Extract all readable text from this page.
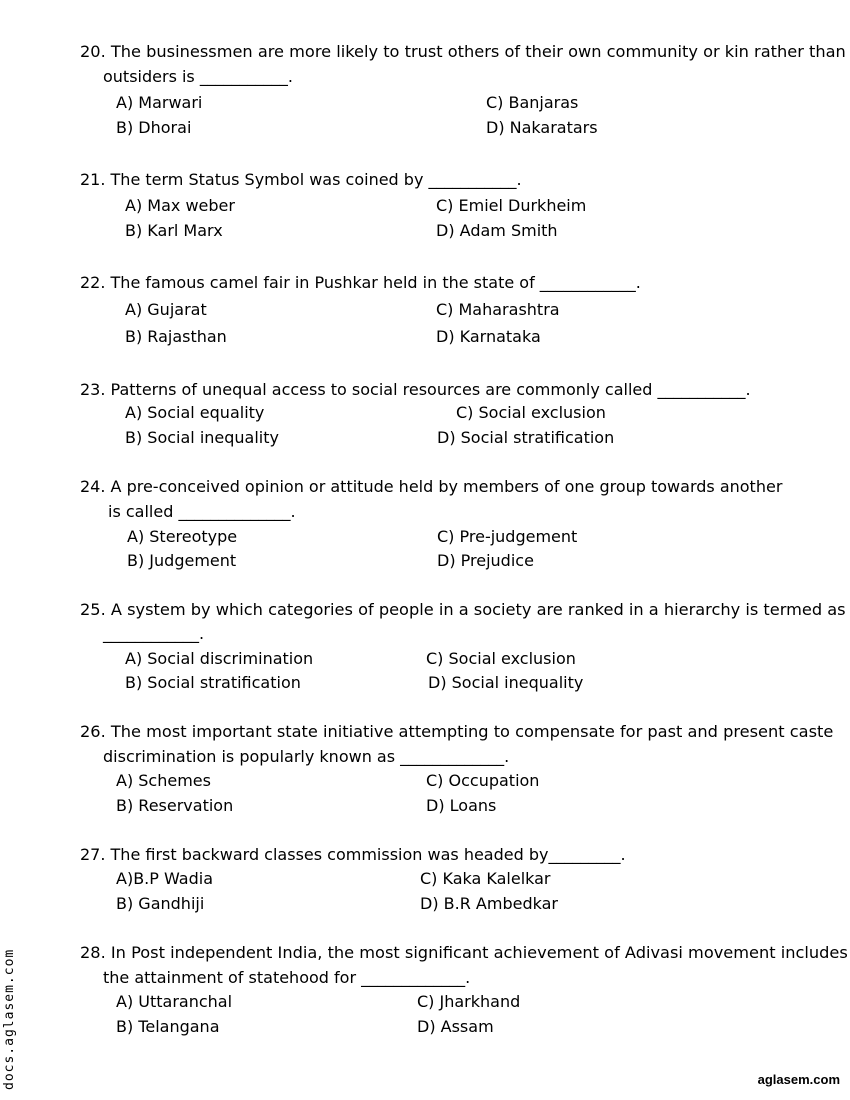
20. The businessmen are more likely to trust others of their own community or kin rather than
outsiders is ___________.
A) Marwari	C) Banjaras
B) Dhorai	D) Nakaratars
21. The term Status Symbol was coined by ___________.
A) Max weber	C) Emiel Durkheim
B) Karl Marx	D) Adam Smith
22. The famous camel fair in Pushkar held in the state of ____________.
A) Gujarat	C) Maharashtra
B) Rajasthan	D) Karnataka
23. Patterns of unequal access to social resources are commonly called ___________.
A) Social equality	C) Social exclusion
B) Social inequality	D) Social stratification
24. A pre-conceived opinion or attitude held by members of one group towards another
is called ______________.
A) Stereotype	C) Pre-judgement
B) Judgement	D) Prejudice
25. A system by which categories of people in a society are ranked in a hierarchy is termed as
____________.
A) Social discrimination	C) Social exclusion
B) Social stratification	D) Social inequality
26. The most important state initiative attempting to compensate for past and present caste
discrimination is popularly known as _____________.
A) Schemes	C) Occupation
B) Reservation	D) Loans
27. The first backward classes commission was headed by_________.
A)B.P Wadia	C) Kaka Kalelkar
B) Gandhiji	D) B.R Ambedkar
28. In Post independent India, the most significant achievement of Adivasi movement includes
the attainment of statehood for _____________.
A) Uttaranchal	C) Jharkhand
B) Telangana	D) Assam
docs.aglasem.com	aglasem.com
